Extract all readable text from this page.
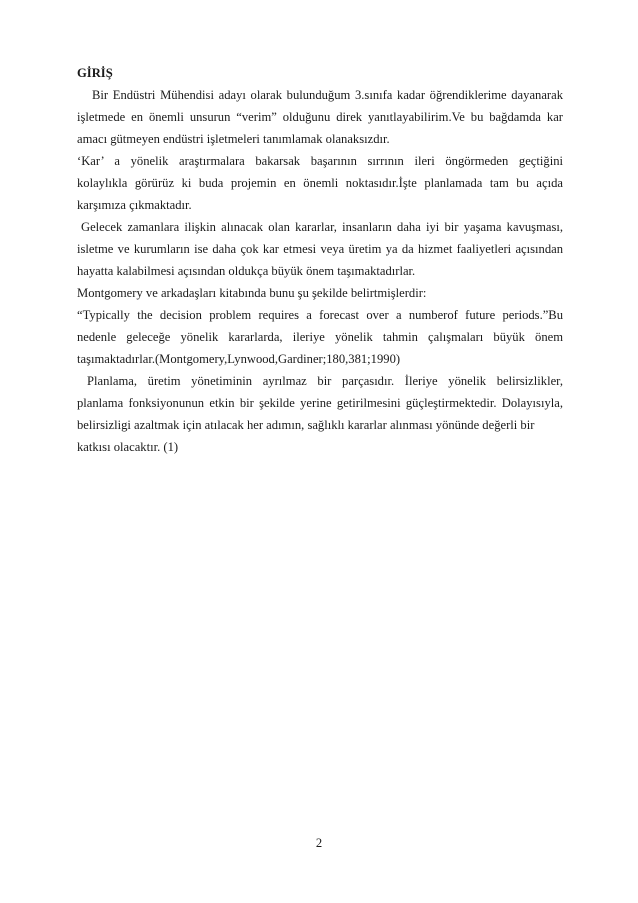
GİRİŞ
Bir Endüstri Mühendisi adayı olarak bulunduğum 3.sınıfa kadar öğrendiklerime dayanarak
işletmede en önemli unsurun “verim” olduğunu direk yanıtlayabilirim.Ve bu bağdamda kar
amacı gütmeyen endüstri işletmeleri tanımlamak olanaksızdır.
‘Kar’ a yönelik araştırmalara bakarsak başarının sırrının ileri öngörmeden geçtiğini
kolaylıkla görürüz ki buda projemin en önemli noktasıdır.İşte planlamada tam bu açıda
karşımıza çıkmaktadır.
Gelecek zamanlara ilişkin alınacak olan kararlar, insanların daha iyi bir yaşama kavuşması,
isletme ve kurumların ise daha çok kar etmesi veya üretim ya da hizmet faaliyetleri açısından
hayatta kalabilmesi açısından oldukça büyük önem taşımaktadırlar.
Montgomery ve arkadaşları kitabında bunu şu şekilde belirtmişlerdir:
“Typically the decision problem requires a forecast over a numberof future periods.”Bu
nedenle geleceğe yönelik kararlarda, ileriye yönelik tahmin çalışmaları büyük önem
taşımaktadırlar.(Montgomery,Lynwood,Gardiner;180,381;1990)
Planlama, üretim yönetiminin ayrılmaz bir parçasıdır. İleriye yönelik belirsizlikler,
planlama fonksiyonunun etkin bir şekilde yerine getirilmesini güçleştirmektedir. Dolayısıyla,
belirsizligi azaltmak için atılacak her adımın, sağlıklı kararlar alınması yönünde değerli bir
katkısı olacaktır. (1)
2
